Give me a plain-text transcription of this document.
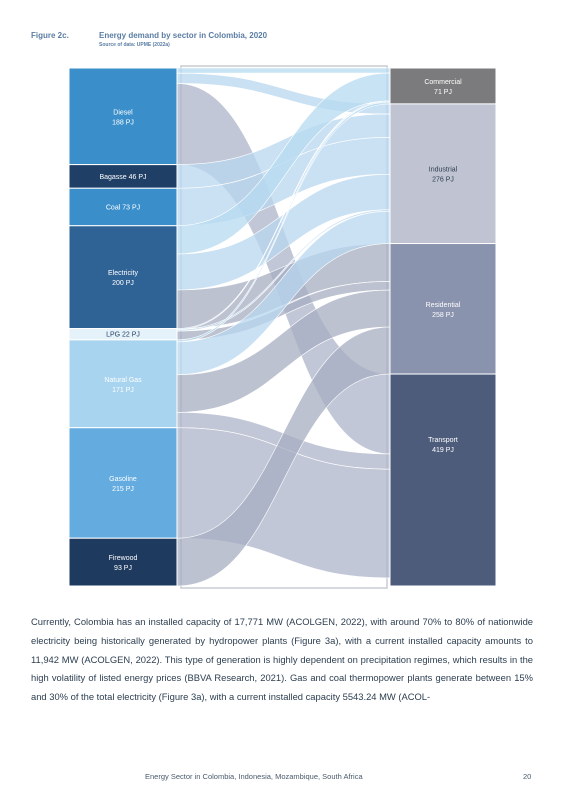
Figure 2c.	Energy demand by sector in Colombia, 2020
Source of data: UPME (2022a)
Diesel
188 PJ
Bagasse 46 PJ
Coal 73 PJ
Electricity
200 PJ
LPG 22 PJ
Natural Gas
171 PJ
Gasoline
215 PJ
Firewood
93 PJ
Commercial
71 PJ
Industrial
276 PJ
Residential
258 PJ
Transport
419 PJ
Currently, Colombia has an installed capacity of 17,771 MW (ACOLGEN, 2022), with around 70% to 80% of nationwide electricity being historically generated by hydropower plants (Figure 3a), with a current installed capacity amounts to 11,942 MW (ACOLGEN, 2022). This type of generation is highly dependent on precipitation regimes, which results in the high volatility of listed energy prices (BBVA Research, 2021). Gas and coal thermopower plants generate between 15% and 30% of the total electricity (Figure 3a), with a current installed capacity 5543.24 MW (ACOL-
Energy Sector in Colombia, Indonesia, Mozambique, South Africa	20
